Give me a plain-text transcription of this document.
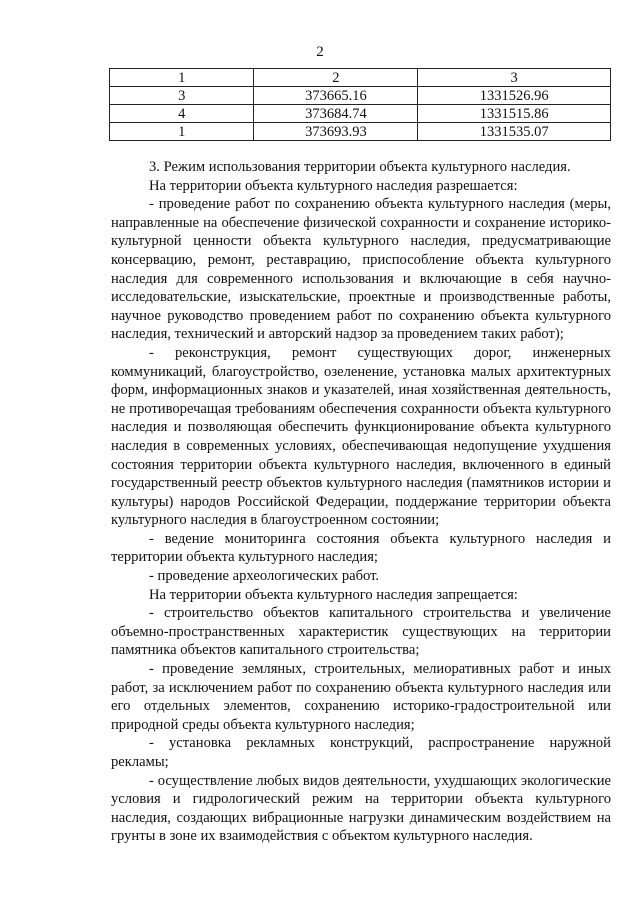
2
1	2	3
3	373665.16	1331526.96
4	373684.74	1331515.86
1	373693.93	1331535.07

3. Режим использования территории объекта культурного наследия.

На территории объекта культурного наследия разрешается:

- проведение работ по сохранению объекта культурного наследия (меры, направленные на обеспечение физической сохранности и сохранение историко-культурной ценности объекта культурного наследия, предусматривающие консервацию, ремонт, реставрацию, приспособление объекта культурного наследия для современного использования и включающие в себя научно-исследовательские, изыскательские, проектные и производственные работы, научное руководство проведением работ по сохранению объекта культурного наследия, технический и авторский надзор за проведением таких работ);

- реконструкция, ремонт существующих дорог, инженерных коммуникаций, благоустройство, озеленение, установка малых архитектурных форм, информационных знаков и указателей, иная хозяйственная деятельность, не противоречащая требованиям обеспечения сохранности объекта культурного наследия и позволяющая обеспечить функционирование объекта культурного наследия в современных условиях, обеспечивающая недопущение ухудшения состояния территории объекта культурного наследия, включенного в единый государственный реестр объектов культурного наследия (памятников истории и культуры) народов Российской Федерации, поддержание территории объекта культурного наследия в благоустроенном состоянии;

- ведение мониторинга состояния объекта культурного наследия и территории объекта культурного наследия;

- проведение археологических работ.

На территории объекта культурного наследия запрещается:

- строительство объектов капитального строительства и увеличение объемно-пространственных характеристик существующих на территории памятника объектов капитального строительства;

- проведение земляных, строительных, мелиоративных работ и иных работ, за исключением работ по сохранению объекта культурного наследия или его отдельных элементов, сохранению историко-градостроительной или природной среды объекта культурного наследия;

- установка рекламных конструкций, распространение наружной рекламы;

- осуществление любых видов деятельности, ухудшающих экологические условия и гидрологический режим на территории объекта культурного наследия, создающих вибрационные нагрузки динамическим воздействием на грунты в зоне их взаимодействия с объектом культурного наследия.
